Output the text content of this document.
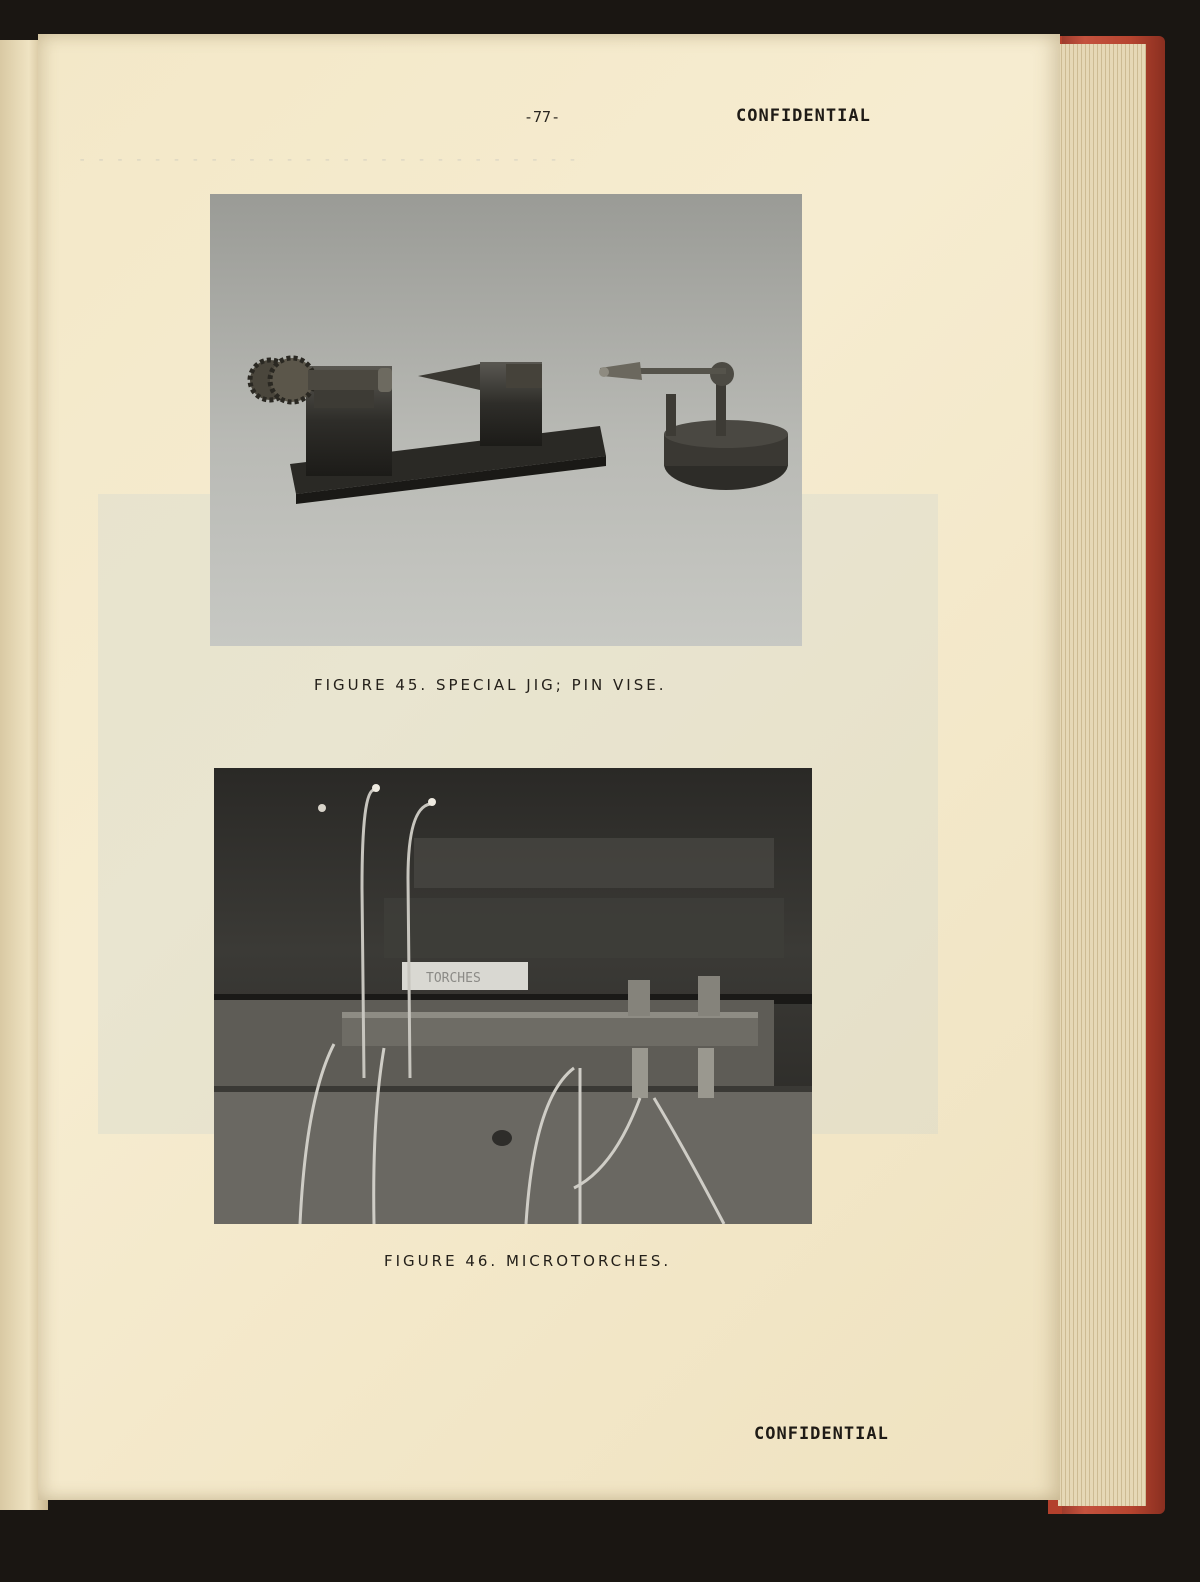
- - - - - - - - - - - - - - - - - - - - - - - - - - -
-77-	CONFIDENTIAL
FIGURE 45. SPECIAL JIG; PIN VISE.
TORCHES
FIGURE 46. MICROTORCHES.
CONFIDENTIAL
